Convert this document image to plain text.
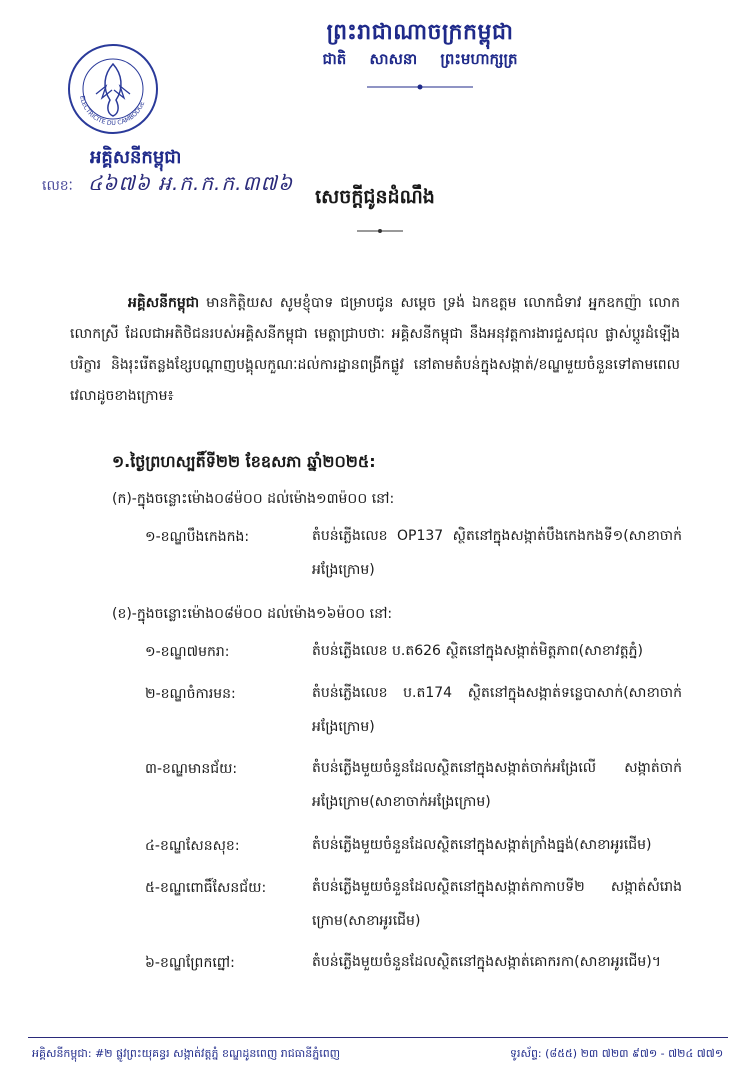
ព្រះរាជាណាចក្រកម្ពុជា
ជាតិ សាសនា ព្រះមហាក្សត្រ
ELECTRICITE DU CAMBODGE
អគ្គិសនីកម្ពុជា
លេខៈ ៤៦៧៦ អ.ក.ក.ក.៣៧៦
សេចក្តីជូនដំណឹង
អគ្គិសនីកម្ពុជា មានកិត្តិយស សូមខ្ញុំបាទ ជម្រាបជូន សម្តេច ទ្រង់ ឯកឧត្តម លោកជំទាវ អ្នកឧកញ៉ា លោក លោកស្រី ដែលជាអតិថិជនរបស់អគ្គិសនីកម្ពុជា មេត្តាជ្រាបថាៈ អគ្គិសនីកម្ពុជា នឹងអនុវត្តការងារជួសជុល ផ្លាស់ប្តូរដំឡើងបរិក្ខារ និងរុះរើតន្លងខ្សែបណ្តាញបង្គុលកួណៈដល់ការដ្ឋានពង្រីកផ្លូវ នៅតាមតំបន់ក្នុងសង្កាត់/ខណ្ឌមួយចំនួនទៅតាមពេលវេលាដូចខាងក្រោម៖
១.ថ្ងៃព្រហស្បតិ៍ទី២២ ខែឧសភា ឆ្នាំ២០២៥:
(ក)-ក្នុងចន្លោះម៉ោង០៨ម៉០០ ដល់ម៉ោង១៣ម៉០០ នៅ:
១-ខណ្ឌបឹងកេងកង:	តំបន់ភ្លើងលេខ OP137 ស្ថិតនៅក្នុងសង្កាត់បឹងកេងកងទី១(សាខាចាក់អង្រែក្រោម)
(ខ)-ក្នុងចន្លោះម៉ោង០៨ម៉០០ ដល់ម៉ោង១៦ម៉០០ នៅ:
១-ខណ្ឌ៧មករា:	តំបន់ភ្លើងលេខ ប.ត626 ស្ថិតនៅក្នុងសង្កាត់មិត្តភាព(សាខាវត្តភ្នំ)
២-ខណ្ឌចំការមន:	តំបន់ភ្លើងលេខ ប.ត174 ស្ថិតនៅក្នុងសង្កាត់ទន្លេបាសាក់(សាខាចាក់អង្រែក្រោម)
៣-ខណ្ឌមានជ័យ:	តំបន់ភ្លើងមួយចំនួនដែលស្ថិតនៅក្នុងសង្កាត់ចាក់អង្រែលើ សង្កាត់ចាក់អង្រែក្រោម(សាខាចាក់អង្រែក្រោម)
៤-ខណ្ឌសែនសុខ:	តំបន់ភ្លើងមួយចំនួនដែលស្ថិតនៅក្នុងសង្កាត់ក្រាំងធ្នង់(សាខាអូរជើម)
៥-ខណ្ឌពោធិ៍សែនជ័យ:	តំបន់ភ្លើងមួយចំនួនដែលស្ថិតនៅក្នុងសង្កាត់កាកាបទី២ សង្កាត់សំរោងក្រោម(សាខាអូរជើម)
៦-ខណ្ឌព្រែកព្នៅ:	តំបន់ភ្លើងមួយចំនួនដែលស្ថិតនៅក្នុងសង្កាត់គោករកា(សាខាអូរជើម)។
អគ្គិសនីកម្ពុជា: #២ ផ្លូវព្រះយុគន្ធរ សង្កាត់វត្តភ្នំ ខណ្ឌដូនពេញ រាជធានីភ្នំពេញ	ទូរស័ព្ទ: (៨៥៥) ២៣ ៧២៣ ៩៧១ - ៧២៤ ៧៧១
